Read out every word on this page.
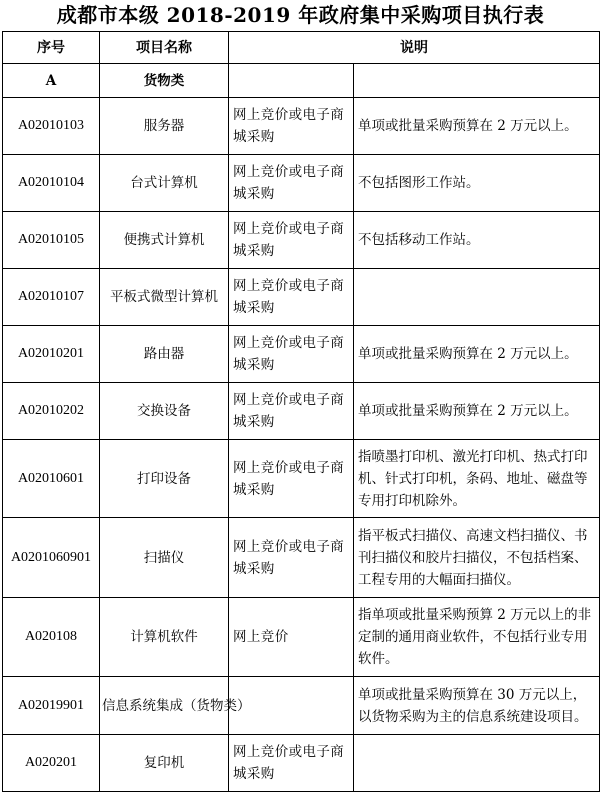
成都市本级 2018-2019 年政府集中采购项目执行表
序号	项目名称	说明	
A	货物类		
A02010103	服务器	网上竞价或电子商城采购	单项或批量采购预算在 2 万元以上。
A02010104	台式计算机	网上竞价或电子商城采购	不包括图形工作站。
A02010105	便携式计算机	网上竞价或电子商城采购	不包括移动工作站。
A02010107	平板式微型计算机	网上竞价或电子商城采购	
A02010201	路由器	网上竞价或电子商城采购	单项或批量采购预算在 2 万元以上。
A02010202	交换设备	网上竞价或电子商城采购	单项或批量采购预算在 2 万元以上。
A02010601	打印设备	网上竞价或电子商城采购	指喷墨打印机、激光打印机、热式打印机、针式打印机，条码、地址、磁盘等专用打印机除外。
A0201060901	扫描仪	网上竞价或电子商城采购	指平板式扫描仪、高速文档扫描仪、书刊扫描仪和胶片扫描仪，不包括档案、工程专用的大幅面扫描仪。
A020108	计算机软件	网上竞价	指单项或批量采购预算 2 万元以上的非定制的通用商业软件，不包括行业专用软件。
A02019901	信息系统集成（货物类）		单项或批量采购预算在 30 万元以上，以货物采购为主的信息系统建设项目。
A020201	复印机	网上竞价或电子商城采购	
